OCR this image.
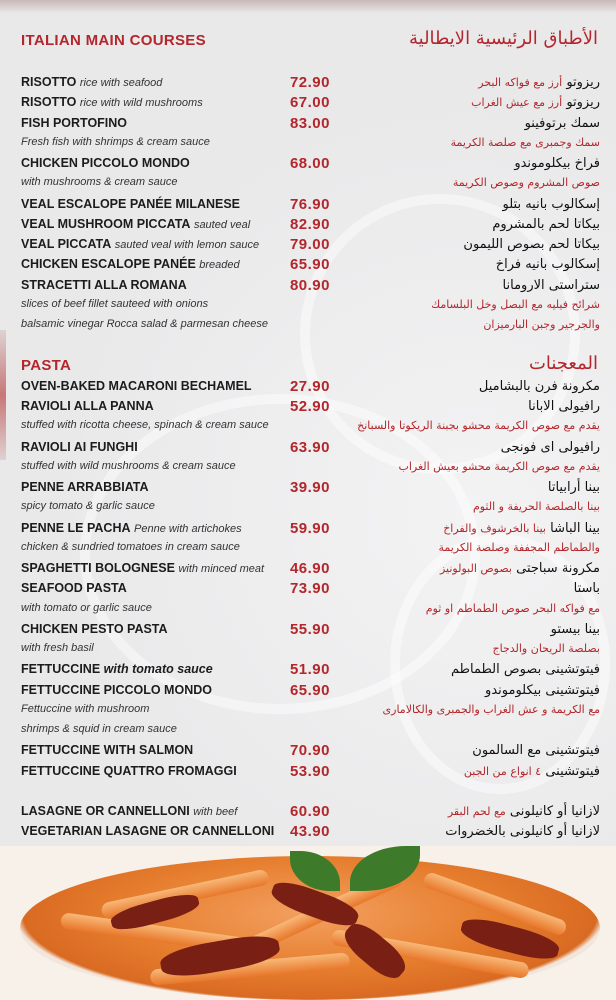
ITALIAN MAIN COURSES	الأطباق الرئيسية الايطالية
RISOTTO rice with seafood	72.90	ريزوتو أرز مع فواكه البحر
RISOTTO rice with wild mushrooms	67.00	ريزوتو أرز مع عيش الغراب
FISH PORTOFINO	83.00	سمك برتوفينو
Fresh fish with shrimps & cream sauce	سمك وجمبرى مع صلصة الكريمة
CHICKEN PICCOLO MONDO	68.00	فراخ بيكلوموندو
with mushrooms & cream sauce	صوص المشروم وصوص الكريمة
VEAL ESCALOPE PANÉE MILANESE	76.90	إسكالوب بانيه بتلو
VEAL MUSHROOM PICCATA sauted veal	82.90	بيكاتا لحم بالمشروم
VEAL PICCATA sauted veal with lemon sauce 79.00	بيكاتا لحم بصوص الليمون
CHICKEN ESCALOPE PANÉE breaded	65.90	إسكالوب بانيه فراخ
STRACETTI ALLA ROMANA	80.90	ستراستى الارومانا
slices of beef fillet sauteed with onions	شرائح فيليه مع البصل وخل البلسامك
balsamic vinegar Rocca salad & parmesan cheese	والجرجير وجبن البارميزان
PASTA	المعجنات
OVEN-BAKED MACARONI BECHAMEL	27.90	مكرونة فرن بالبشاميل
RAVIOLI ALLA PANNA	52.90	رافيولى الابانا
stuffed with ricotta cheese, spinach & cream sauce	يقدم مع صوص الكريمة محشو بجبنة الريكوتا والسبانخ
RAVIOLI AI FUNGHI	63.90	رافيولى اى فونجى
stuffed with wild mushrooms & cream sauce	يقدم مع صوص الكريمة محشو بعيش الغراب
PENNE ARRABBIATA	39.90	بينا أرابياتا
spicy tomato & garlic sauce	بينا بالصلصة الحريفة و الثوم
PENNE LE PACHA Penne with artichokes	59.90	بينا الباشا بينا بالخرشوف والفراخ
chicken & sundried tomatoes in cream sauce	والطماطم المجففة وصلصة الكريمة
SPAGHETTI BOLOGNESE with minced meat 46.90	مكرونة سباجتى بصوص البولونيز
SEAFOOD PASTA	73.90	باستا
with tomato or garlic sauce	مع فواكه البحر صوص الطماطم او ثوم
CHICKEN PESTO PASTA	55.90	بينا بيستو
with fresh basil	بصلصة الريحان والدجاج
FETTUCCINE with tomato sauce	51.90	فيتوتشينى بصوص الطماطم
FETTUCCINE PICCOLO MONDO	65.90	فيتوتشينى بيكلوموندو
Fettuccine with mushroom	مع الكريمة و عش الغراب والجمبرى والكالامارى
shrimps & squid in cream sauce
FETTUCCINE WITH SALMON	70.90	فيتوتشينى مع السالمون
FETTUCCINE QUATTRO FROMAGGI	53.90	فيتوتشينى ٤ انواع من الجبن
LASAGNE OR CANNELLONI with beef	60.90	لازانيا أو كانيلونى مع لحم البقر
VEGETARIAN LASAGNE OR CANNELLONI 43.90	لازانيا أو كانيلونى بالخضروات
